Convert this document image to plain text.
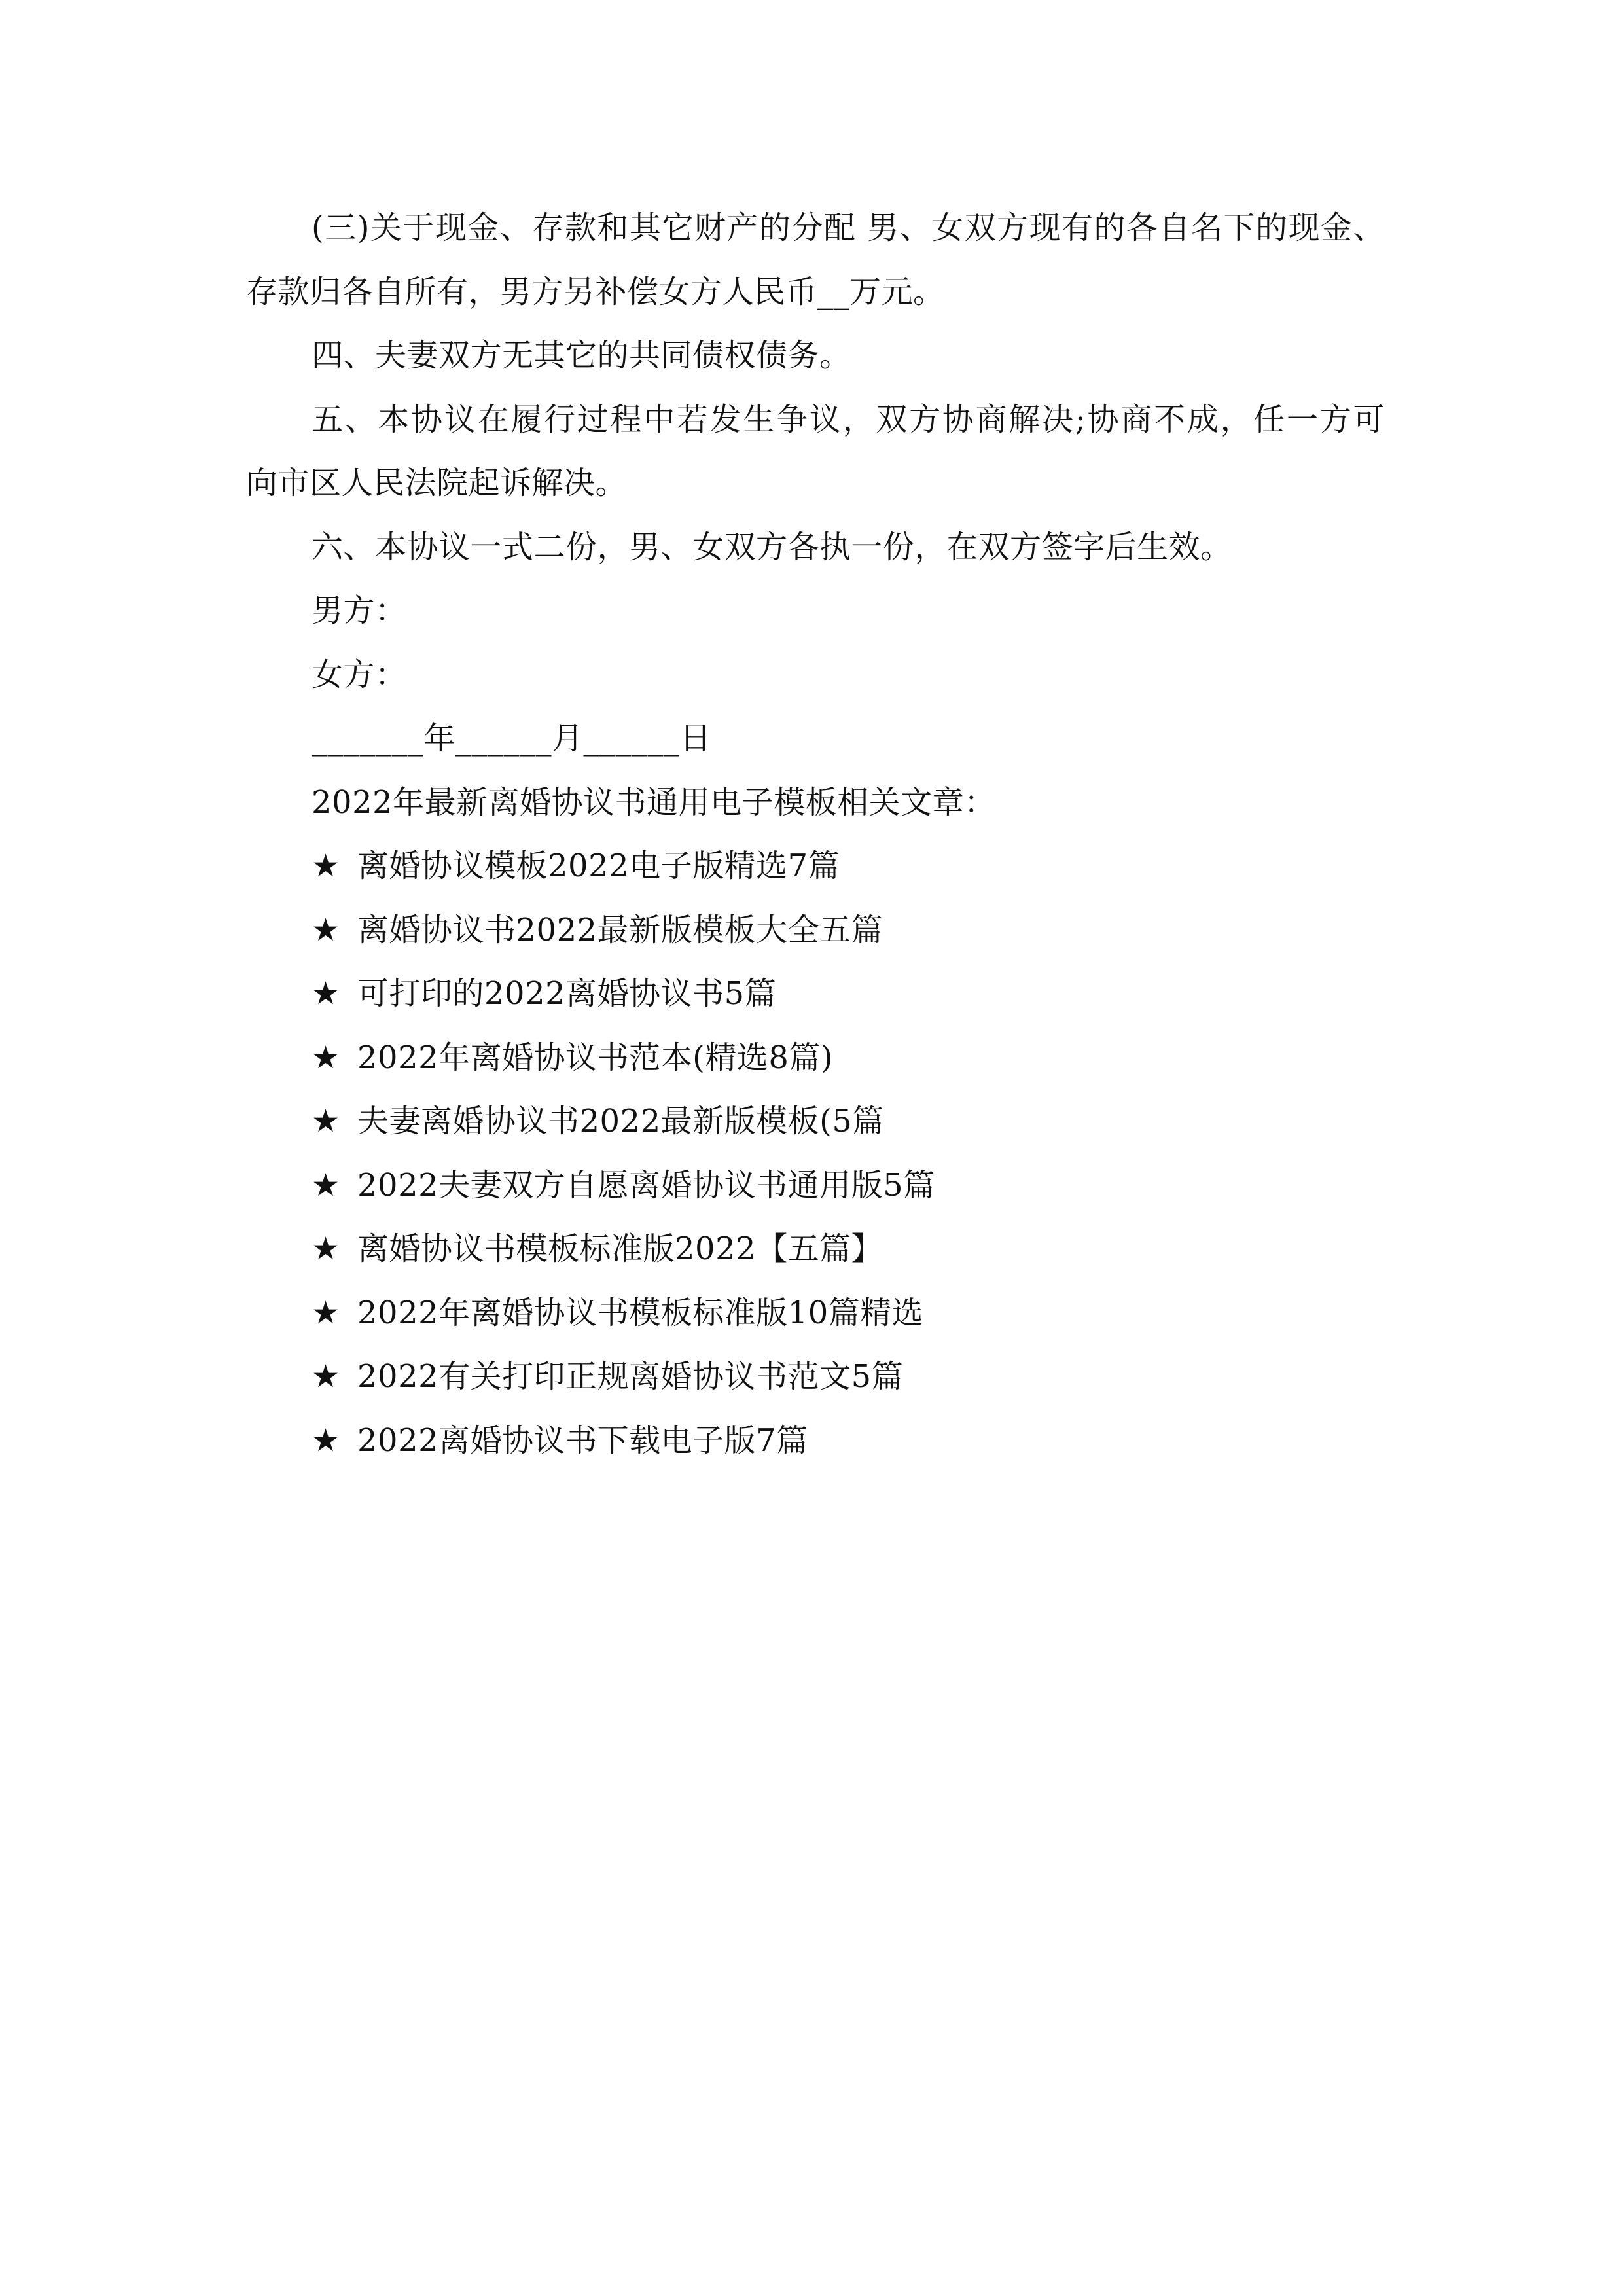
(三)关于现金、存款和其它财产的分配 男、女双方现有的各自名下的现金、
存款归各自所有，男方另补偿女方人民币__万元。
四、夫妻双方无其它的共同债权债务。
五、本协议在履行过程中若发生争议，双方协商解决;协商不成，任一方可
向市区人民法院起诉解决。
六、本协议一式二份，男、女双方各执一份，在双方签字后生效。
男方：
女方：
_______年______月______日
2022年最新离婚协议书通用电子模板相关文章：
★ 离婚协议模板2022电子版精选7篇
★ 离婚协议书2022最新版模板大全五篇
★ 可打印的2022离婚协议书5篇
★ 2022年离婚协议书范本(精选8篇)
★ 夫妻离婚协议书2022最新版模板(5篇
★ 2022夫妻双方自愿离婚协议书通用版5篇
★ 离婚协议书模板标准版2022【五篇】
★ 2022年离婚协议书模板标准版10篇精选
★ 2022有关打印正规离婚协议书范文5篇
★ 2022离婚协议书下载电子版7篇
